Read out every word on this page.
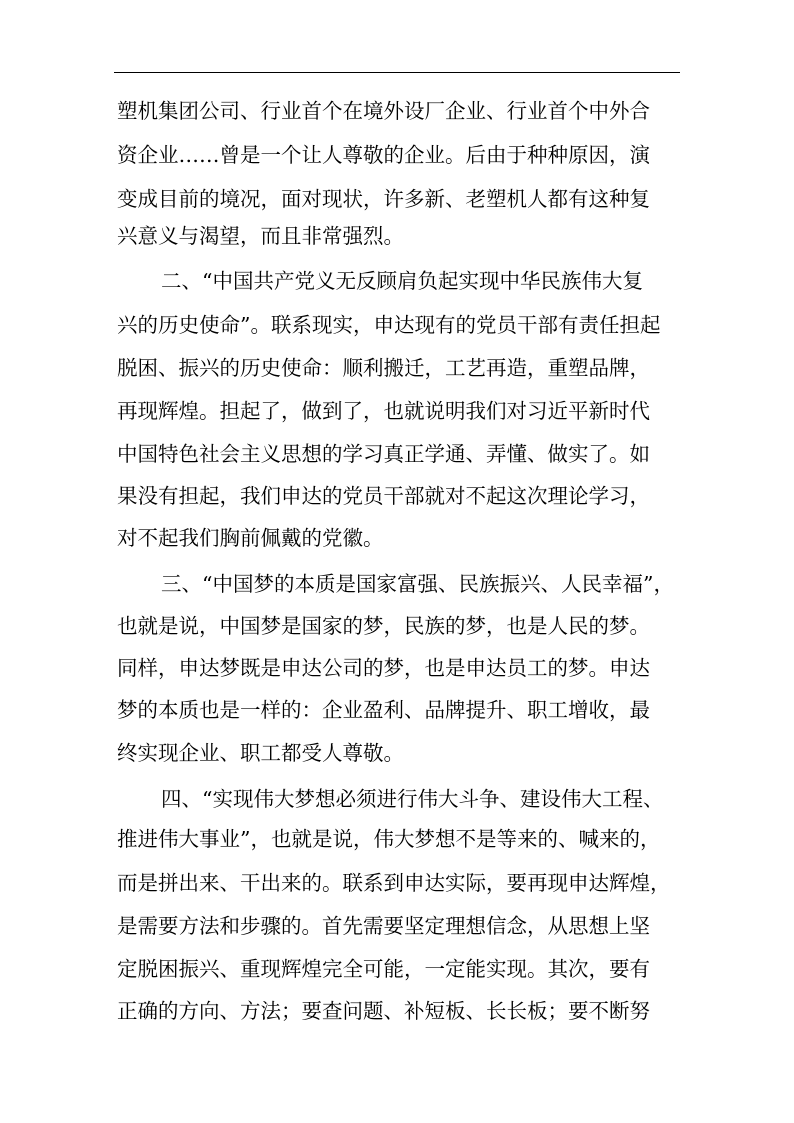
塑机集团公司、行业首个在境外设厂企业、行业首个中外合
资企业……曾是一个让人尊敬的企业。后由于种种原因，演
变成目前的境况，面对现状，许多新、老塑机人都有这种复
兴意义与渴望，而且非常强烈。
二、“中国共产党义无反顾肩负起实现中华民族伟大复
兴的历史使命”。联系现实，申达现有的党员干部有责任担起
脱困、振兴的历史使命：顺利搬迁，工艺再造，重塑品牌，
再现辉煌。担起了，做到了，也就说明我们对习近平新时代
中国特色社会主义思想的学习真正学通、弄懂、做实了。如
果没有担起，我们申达的党员干部就对不起这次理论学习，
对不起我们胸前佩戴的党徽。
三、“中国梦的本质是国家富强、民族振兴、人民幸福”，
也就是说，中国梦是国家的梦，民族的梦，也是人民的梦。
同样，申达梦既是申达公司的梦，也是申达员工的梦。申达
梦的本质也是一样的：企业盈利、品牌提升、职工增收，最
终实现企业、职工都受人尊敬。
四、“实现伟大梦想必须进行伟大斗争、建设伟大工程、
推进伟大事业”，也就是说，伟大梦想不是等来的、喊来的，
而是拼出来、干出来的。联系到申达实际，要再现申达辉煌，
是需要方法和步骤的。首先需要坚定理想信念，从思想上坚
定脱困振兴、重现辉煌完全可能，一定能实现。其次，要有
正确的方向、方法；要查问题、补短板、长长板；要不断努
